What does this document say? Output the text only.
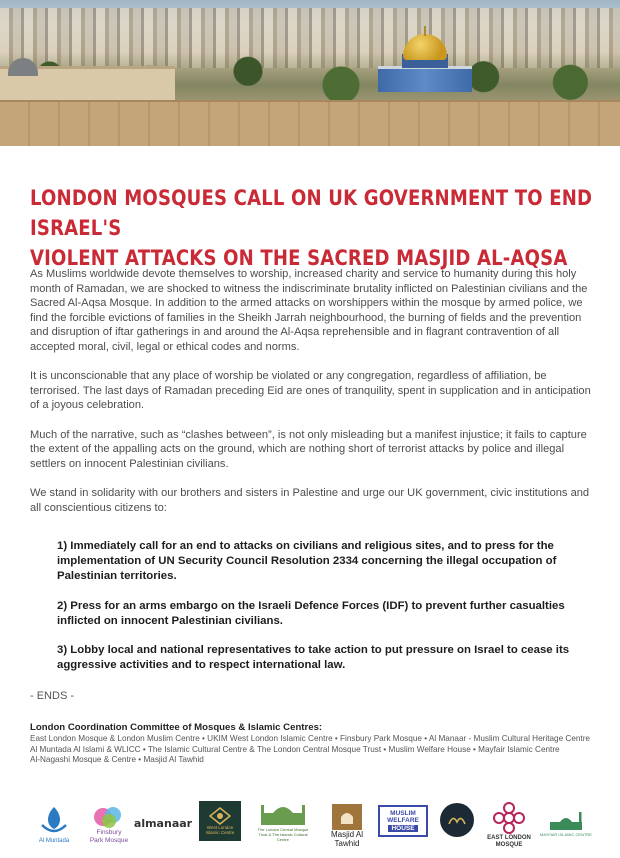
LONDON MOSQUES CALL ON UK GOVERNMENT TO END ISRAEL'S
VIOLENT ATTACKS ON THE SACRED MASJID AL-AQSA

As Muslims worldwide devote themselves to worship, increased charity and service to humanity during this holy month of Ramadan, we are shocked to witness the indiscriminate brutality inflicted on Palestinian civilians and the Sacred Al-Aqsa Mosque. In addition to the armed attacks on worshippers within the mosque by armed police, we find the forcible evictions of families in the Sheikh Jarrah neighbourhood, the burning of fields and the prevention and disruption of iftar gatherings in and around the Al-Aqsa reprehensible and in flagrant contravention of all accepted moral, civil, legal or ethical codes and norms.

It is unconscionable that any place of worship be violated or any congregation, regardless of affiliation, be terrorised. The last days of Ramadan preceding Eid are ones of tranquility, spent in supplication and in anticipation of a joyous celebration.

Much of the narrative, such as “clashes between”, is not only misleading but a manifest injustice; it fails to capture the extent of the appalling acts on the ground, which are nothing short of terrorist attacks by police and illegal settlers on innocent Palestinian civilians.

We stand in solidarity with our brothers and sisters in Palestine and urge our UK government, civic institutions and all conscientious citizens to:

1) Immediately call for an end to attacks on civilians and religious sites, and to press for the implementation of UN Security Council Resolution 2334 concerning the illegal occupation of Palestinian territories.

2) Press for an arms embargo on the Israeli Defence Forces (IDF) to prevent further casualties inflicted on innocent Palestinian civilians.

3) Lobby local and national representatives to take action to put pressure on Israel to cease its aggressive activities and to respect international law.

- ENDS -
London Coordination Committee of Mosques & Islamic Centres:
East London Mosque & London Muslim Centre • UKIM West London Islamic Centre • Finsbury Park Mosque • Al Manaar - Muslim Cultural Heritage Centre
Al Muntada Al Islami & WLICC • The Islamic Cultural Centre & The London Central Mosque Trust • Muslim Welfare House • Mayfair Islamic Centre
Al-Nagashi Mosque & Centre • Masjid Al Tawhid
Al Muntada
Finsbury Park Mosque
almanaar	West London Islamic Centre
The London Central Mosque Trust & The Islamic Cultural Centre	Masjid Al
Tawhid
MUSLIM
WELFARE
HOUSE
EAST LONDON
MOSQUE
MAYFAIR ISLAMIC CENTRE
